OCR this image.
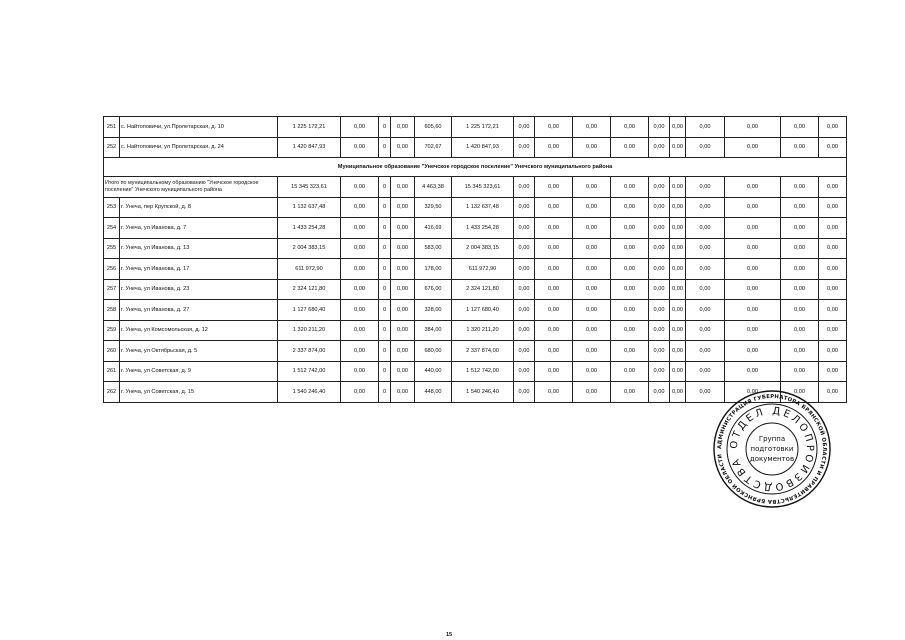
251	с. Найтоповичи, ул.Пролетарская, д. 10	1 225 172,21	0,00	0	0,00	605,60	1 225 172,21	0,00	0,00	0,00	0,00	0,00	0,00	0,00	0,00	0,00	0,00
252	с. Найтоповичи, ул Пролетарская, д. 24	1 420 847,93	0,00	0	0,00	702,67	1 420 847,93	0,00	0,00	0,00	0,00	0,00	0,00	0,00	0,00	0,00	0,00
Муниципальное образование "Унечское городское поселение" Унечского муниципального района																	
Итого по муниципальному образованию "Унечское городское поселение" Унечского муниципального района		15 345 323,61	0,00	0	0,00	4 463,38	15 345 323,61	0,00	0,00	0,00	0,00	0,00	0,00	0,00	0,00	0,00	0,00
253	г. Унеча, пер Крупской, д. 8	1 132 637,48	0,00	0	0,00	329,50	1 132 637,48	0,00	0,00	0,00	0,00	0,00	0,00	0,00	0,00	0,00	0,00
254	г. Унеча, ул Иванова, д. 7	1 433 254,28	0,00	0	0,00	416,69	1 433 254,28	0,00	0,00	0,00	0,00	0,00	0,00	0,00	0,00	0,00	0,00
255	г. Унеча, ул Иванова, д. 13	2 004 383,15	0,00	0	0,00	583,00	2 004 383,15	0,00	0,00	0,00	0,00	0,00	0,00	0,00	0,00	0,00	0,00
256	г. Унеча, ул Иванова, д. 17	611 972,90	0,00	0	0,00	178,00	611 972,90	0,00	0,00	0,00	0,00	0,00	0,00	0,00	0,00	0,00	0,00
257	г. Унеча, ул Иванова, д. 23	2 324 121,80	0,00	0	0,00	676,00	2 324 121,80	0,00	0,00	0,00	0,00	0,00	0,00	0,00	0,00	0,00	0,00
258	г. Унеча, ул Иванова, д. 27	1 127 680,40	0,00	0	0,00	328,00	1 127 680,40	0,00	0,00	0,00	0,00	0,00	0,00	0,00	0,00	0,00	0,00
259	г. Унеча, ул Комсомольская, д. 12	1 320 211,20	0,00	0	0,00	384,00	1 320 211,20	0,00	0,00	0,00	0,00	0,00	0,00	0,00	0,00	0,00	0,00
260	г. Унеча, ул Октябрьская, д. 5	2 337 874,00	0,00	0	0,00	680,00	2 337 874,00	0,00	0,00	0,00	0,00	0,00	0,00	0,00	0,00	0,00	0,00
261	г. Унеча, ул Советская, д. 9	1 512 742,00	0,00	0	0,00	440,00	1 512 742,00	0,00	0,00	0,00	0,00	0,00	0,00	0,00	0,00	0,00	0,00
262	г. Унеча, ул Советская, д. 15	1 540 246,40	0,00	0	0,00	448,00	1 540 246,40	0,00	0,00	0,00	0,00	0,00	0,00	0,00	0,00	0,00	0,00
АДМИНИСТРАЦИЯ ГУБЕРНАТОРА БРЯНСКОЙ ОБЛАСТИ И ПРАВИТЕЛЬСТВА БРЯНСКОЙ ОБЛАСТИ
ОТДЕЛ ДЕЛОПРОИЗВОДСТВА
Группа
подготовки
документов
15
